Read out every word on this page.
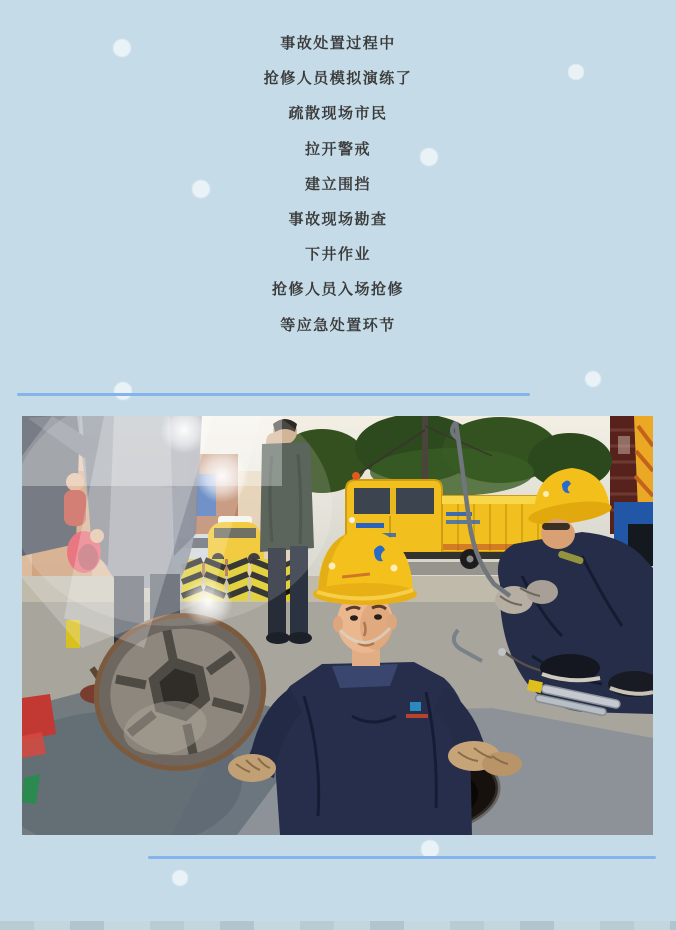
事故处置过程中
抢修人员模拟演练了
疏散现场市民
拉开警戒
建立围挡
事故现场勘查
下井作业
抢修人员入场抢修
等应急处置环节
